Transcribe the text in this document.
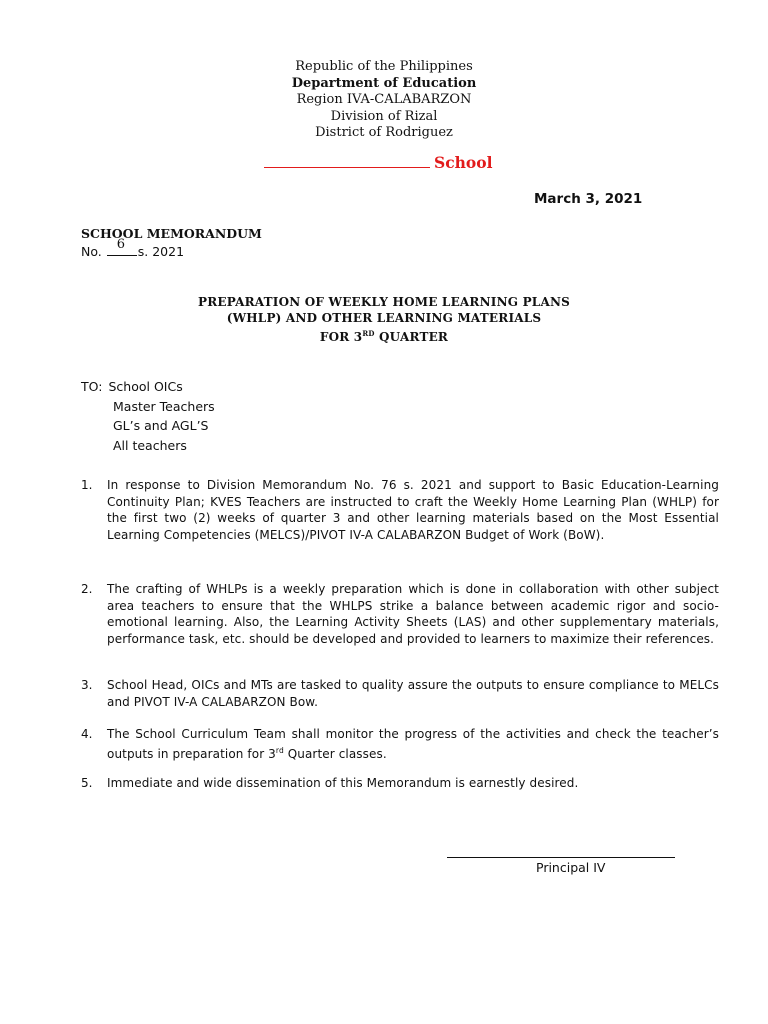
Republic of the Philippines
Department of Education
Region IVA-CALABARZON
Division of Rizal
District of Rodriguez
School
March 3, 2021
SCHOOL MEMORANDUM
No. 6 s. 2021
PREPARATION OF WEEKLY HOME LEARNING PLANS
(WHLP) AND OTHER LEARNING MATERIALS
FOR 3RD QUARTER
TO: School OICs
Master Teachers
GL’s and AGL’S
All teachers
1. In response to Division Memorandum No. 76 s. 2021 and support to Basic Education-Learning Continuity Plan; KVES Teachers are instructed to craft the Weekly Home Learning Plan (WHLP) for the first two (2) weeks of quarter 3 and other learning materials based on the Most Essential Learning Competencies (MELCS)/PIVOT IV-A CALABARZON Budget of Work (BoW).
2. The crafting of WHLPs is a weekly preparation which is done in collaboration with other subject area teachers to ensure that the WHLPS strike a balance between academic rigor and socio-emotional learning. Also, the Learning Activity Sheets (LAS) and other supplementary materials, performance task, etc. should be developed and provided to learners to maximize their references.
3. School Head, OICs and MTs are tasked to quality assure the outputs to ensure compliance to MELCs and PIVOT IV-A CALABARZON Bow.
4. The School Curriculum Team shall monitor the progress of the activities and check the teacher’s outputs in preparation for 3rd Quarter classes.
5. Immediate and wide dissemination of this Memorandum is earnestly desired.
Principal IV
